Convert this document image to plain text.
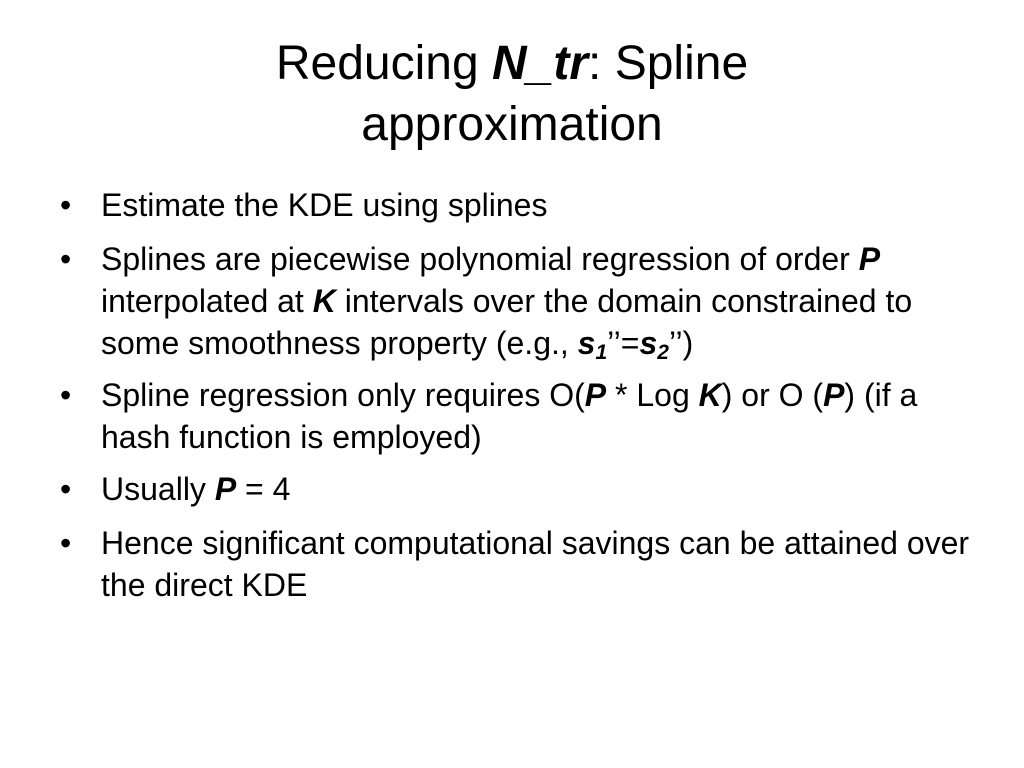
Reducing N_tr: Spline
approximation
• Estimate the KDE using splines
• Splines are piecewise polynomial regression of order P interpolated at K intervals over the domain constrained to some smoothness property (e.g., $s_1’’=s_2$’’)
• Spline regression only requires O(P * Log K) or O (P) (if a hash function is employed)
• Usually P = 4
• Hence significant computational savings can be attained over the direct KDE
